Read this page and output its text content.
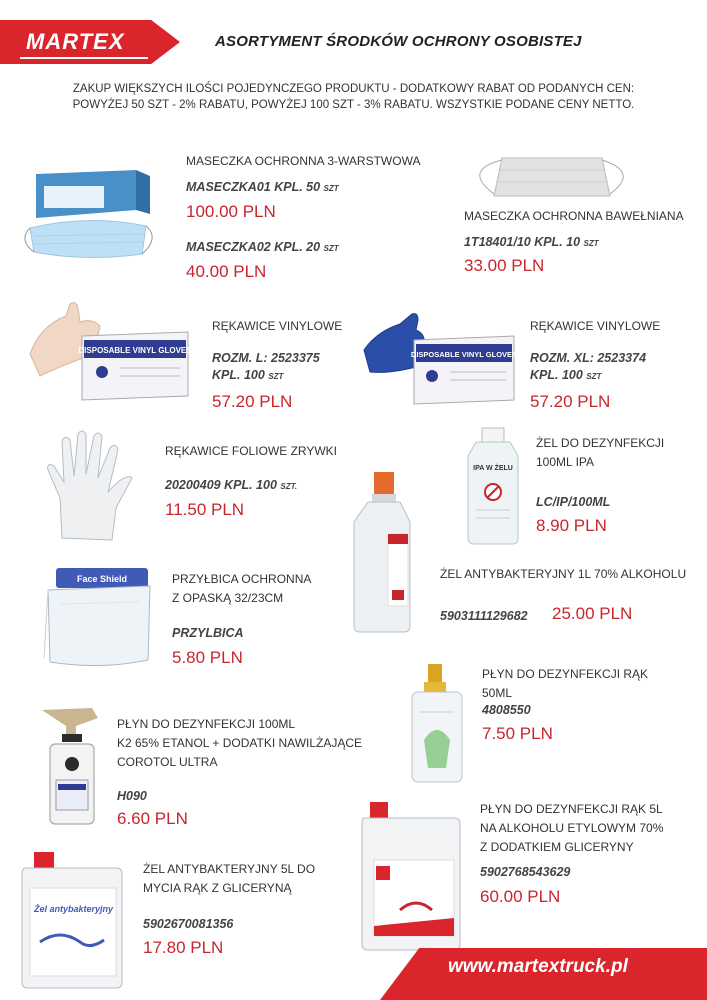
MARTEX	ASORTYMENT ŚRODKÓW OCHRONY OSOBISTEJ
ZAKUP WIĘKSZYCH ILOŚCI POJEDYNCZEGO PRODUKTU - DODATKOWY RABAT OD PODANYCH CEN:
POWYŻEJ 50 SZT - 2% RABATU, POWYŻEJ 100 SZT - 3% RABATU. WSZYSTKIE PODANE CENY NETTO.
MASECZKA OCHRONNA 3-WARSTWOWA
MASECZKA01 KPL. 50 SZT
100.00 PLN
MASECZKA02 KPL. 20 SZT
40.00 PLN
MASECZKA OCHRONNA BAWEŁNIANA
1T18401/10 KPL. 10 SZT
33.00 PLN
DISPOSABLE VINYL GLOVES
RĘKAWICE VINYLOWE
ROZM. L: 2523375
KPL. 100 SZT
57.20 PLN
DISPOSABLE VINYL GLOVES
RĘKAWICE VINYLOWE
ROZM. XL: 2523374
KPL. 100 SZT
57.20 PLN
RĘKAWICE FOLIOWE ZRYWKI
20200409 KPL. 100 SZT.
11.50 PLN
IPA W ŻELU
ŻEL DO DEZYNFEKCJI
100ML IPA
LC/IP/100ML
8.90 PLN
ŻEL ANTYBAKTERYJNY 1L 70% ALKOHOLU
5903111129682 25.00 PLN
Face Shield	PRZYŁBICA OCHRONNA
Z OPASKĄ 32/23CM
PRZYLBICA
5.80 PLN
PŁYN DO DEZYNFEKCJI RĄK
50ML
4808550
7.50 PLN
PŁYN DO DEZYNFEKCJI 100ML
K2 65% ETANOL + DODATKI NAWILŻAJĄCE
COROTOL ULTRA
H090
6.60 PLN	PŁYN DO DEZYNFEKCJI RĄK 5L
NA ALKOHOLU ETYLOWYM 70%
Z DODATKIEM GLICERYNY
5902768543629
60.00 PLN
Żel antybakteryjny
ŻEL ANTYBAKTERYJNY 5L DO
MYCIA RĄK Z GLICERYNĄ
5902670081356
17.80 PLN
www.martextruck.pl
